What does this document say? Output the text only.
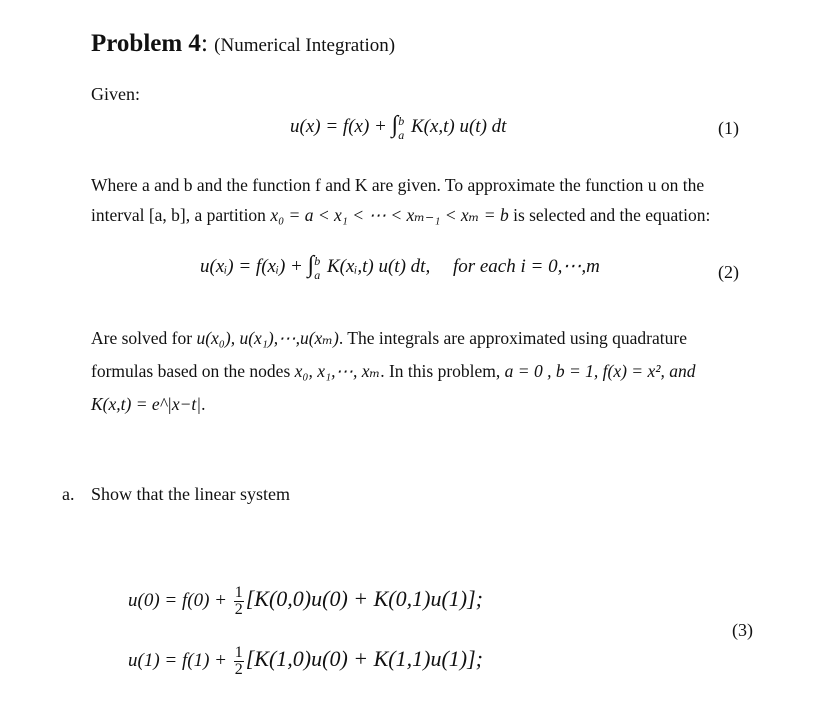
Problem 4: (Numerical Integration)
Given:
u(x) = f(x) + ∫ b
a K(x,t) u(t) dt	(1)
Where a and b and the function f and K are given. To approximate the function u on the
interval [a, b], a partition x₀ = a < x₁ < ⋯ < xₘ₋₁ < xₘ = b is selected and the equation:
u(xᵢ) = f(xᵢ) + ∫ b
a K(xᵢ,t) u(t) dt, for each i = 0,⋯,m	(2)
Are solved for u(x₀), u(x₁),⋯,u(xₘ). The integrals are approximated using quadrature
formulas based on the nodes x₀, x₁,⋯, xₘ. In this problem, a = 0 , b = 1, f(x) = x², and
K(x,t) = e^|x−t|.
a. Show that the linear system
$u(0) = f(0) + \frac{1}{2} [K(0,0)u(0) + K(0,1)u(1)]$;
$u(1) = f(1) + \frac{1}{2} [K(1,0)u(0) + K(1,1)u(1)]$;
(3)
